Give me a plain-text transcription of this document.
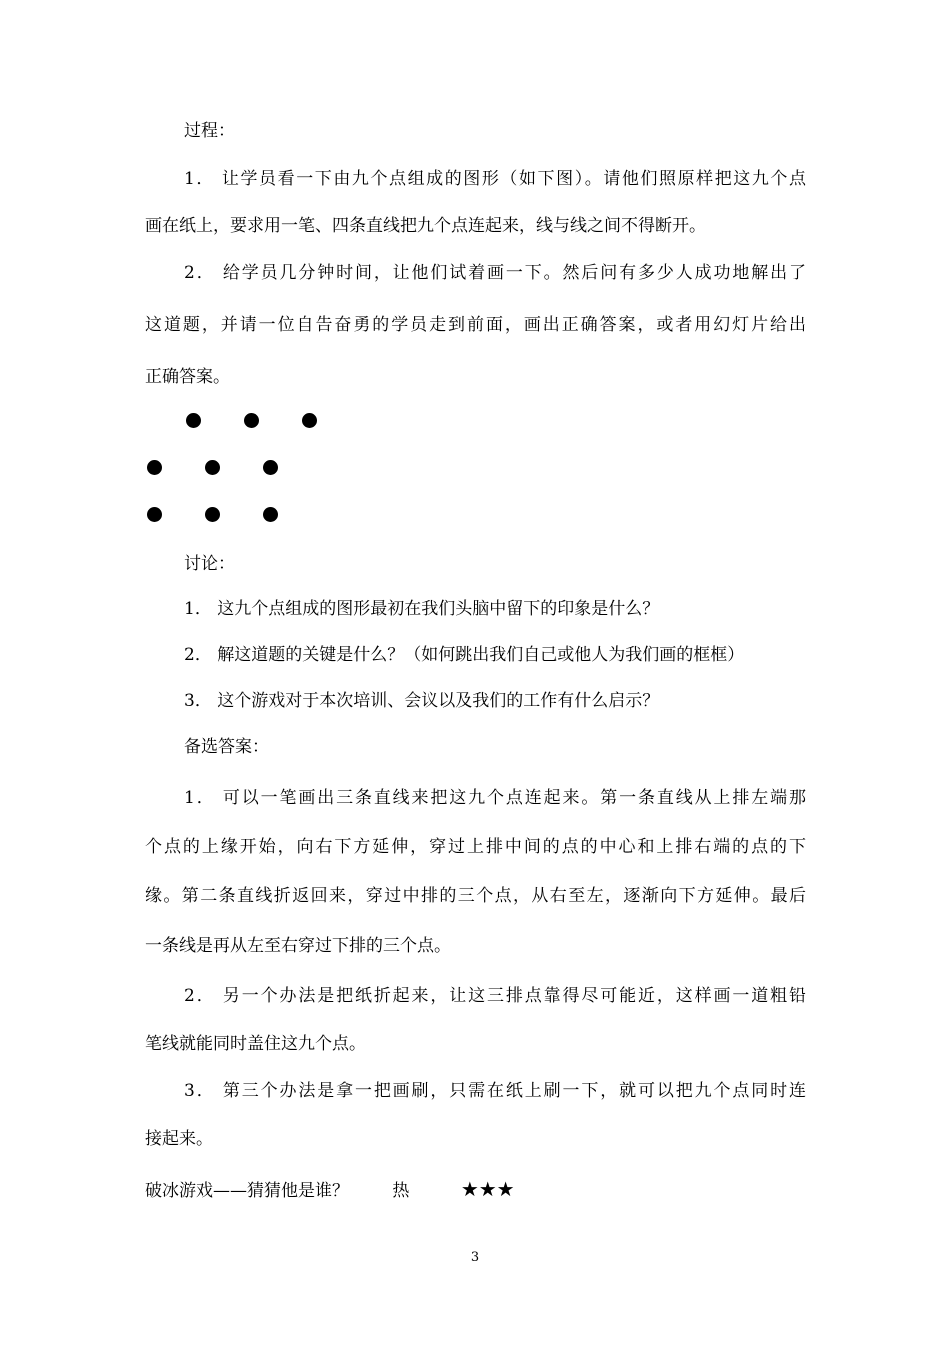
过程：
1． 让学员看一下由九个点组成的图形（如下图）。请他们照原样把这九个点
画在纸上，要求用一笔、四条直线把九个点连起来，线与线之间不得断开。
2． 给学员几分钟时间，让他们试着画一下。然后问有多少人成功地解出了
这道题，并请一位自告奋勇的学员走到前面，画出正确答案，或者用幻灯片给出
正确答案。
讨论：
1． 这九个点组成的图形最初在我们头脑中留下的印象是什么？
2． 解这道题的关键是什么？（如何跳出我们自己或他人为我们画的框框）
3． 这个游戏对于本次培训、会议以及我们的工作有什么启示？
备选答案：
1． 可以一笔画出三条直线来把这九个点连起来。第一条直线从上排左端那
个点的上缘开始，向右下方延伸，穿过上排中间的点的中心和上排右端的点的下
缘。第二条直线折返回来，穿过中排的三个点，从右至左，逐渐向下方延伸。最后
一条线是再从左至右穿过下排的三个点。
2． 另一个办法是把纸折起来，让这三排点靠得尽可能近，这样画一道粗铅
笔线就能同时盖住这九个点。
3． 第三个办法是拿一把画刷，只需在纸上刷一下，就可以把九个点同时连
接起来。
破冰游戏——猜猜他是谁？	热	★★★
3
